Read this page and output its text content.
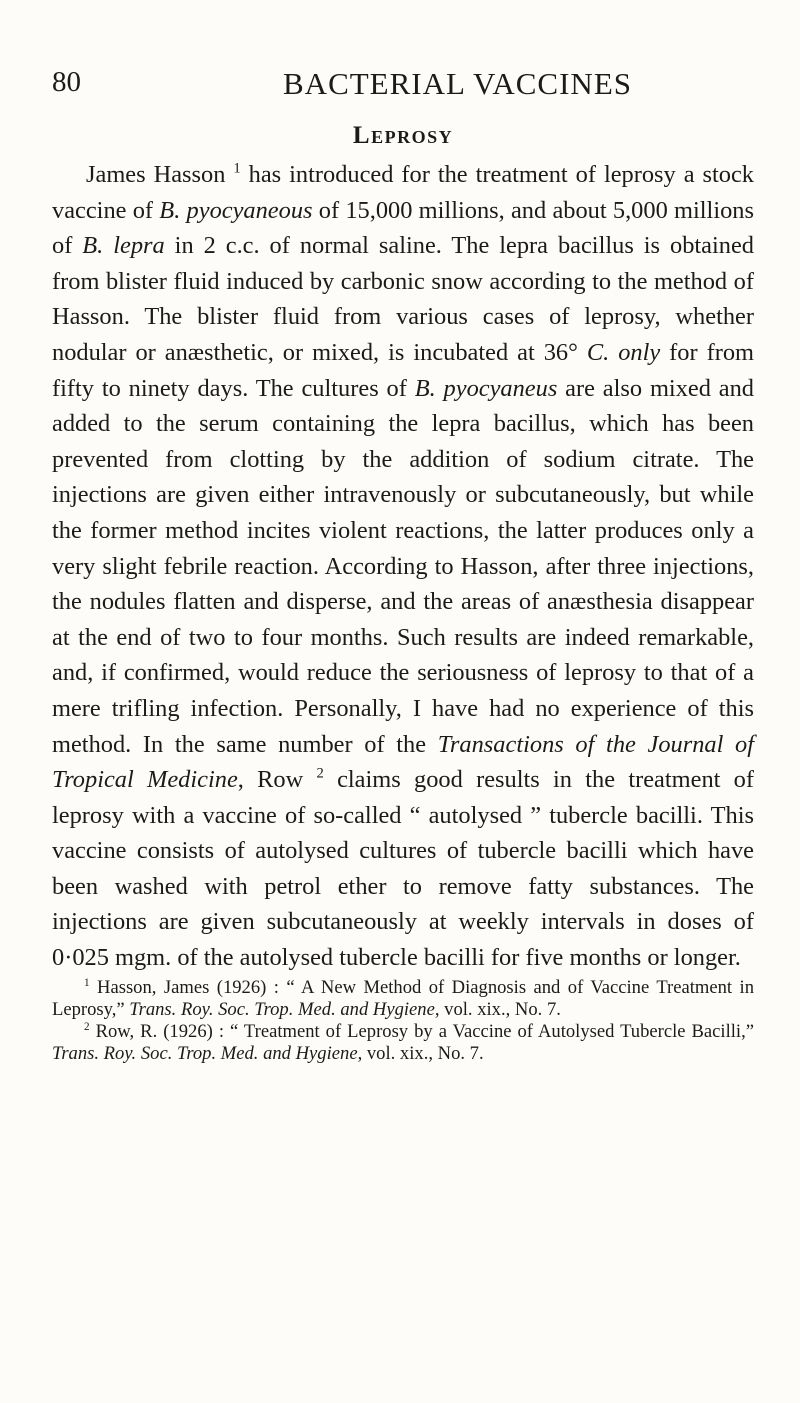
80	BACTERIAL VACCINES
Leprosy

James Hasson $^1$ has introduced for the treatment of leprosy a stock vaccine of B. pyocyaneous of 15,000 millions, and about 5,000 millions of B. lepra in 2 c.c. of normal saline. The lepra bacillus is obtained from blister fluid induced by carbonic snow according to the method of Hasson. The blister fluid from various cases of leprosy, whether nodular or anæsthetic, or mixed, is incubated at 36° C. only for from fifty to ninety days. The cultures of B. pyocyaneus are also mixed and added to the serum containing the lepra bacillus, which has been prevented from clotting by the addition of sodium citrate. The injections are given either intravenously or subcutaneously, but while the former method incites violent reactions, the latter produces only a very slight febrile reaction. According to Hasson, after three injections, the nodules flatten and disperse, and the areas of anæsthesia disappear at the end of two to four months. Such results are indeed remarkable, and, if confirmed, would reduce the seriousness of leprosy to that of a mere trifling infection. Personally, I have had no experience of this method. In the same number of the Transactions of the Journal of Tropical Medicine, Row $^2$ claims good results in the treatment of leprosy with a vaccine of so-called “ autolysed ” tubercle bacilli. This vaccine consists of autolysed cultures of tubercle bacilli which have been washed with petrol ether to remove fatty substances. The injections are given subcutaneously at weekly intervals in doses of 0·025 mgm. of the autolysed tubercle bacilli for five months or longer.

$^1$ Hasson, James (1926) : “ A New Method of Diagnosis and of Vaccine Treatment in Leprosy,” Trans. Roy. Soc. Trop. Med. and Hygiene, vol. xix., No. 7.

$^2$ Row, R. (1926) : “ Treatment of Leprosy by a Vaccine of Autolysed Tubercle Bacilli,” Trans. Roy. Soc. Trop. Med. and Hygiene, vol. xix., No. 7.
